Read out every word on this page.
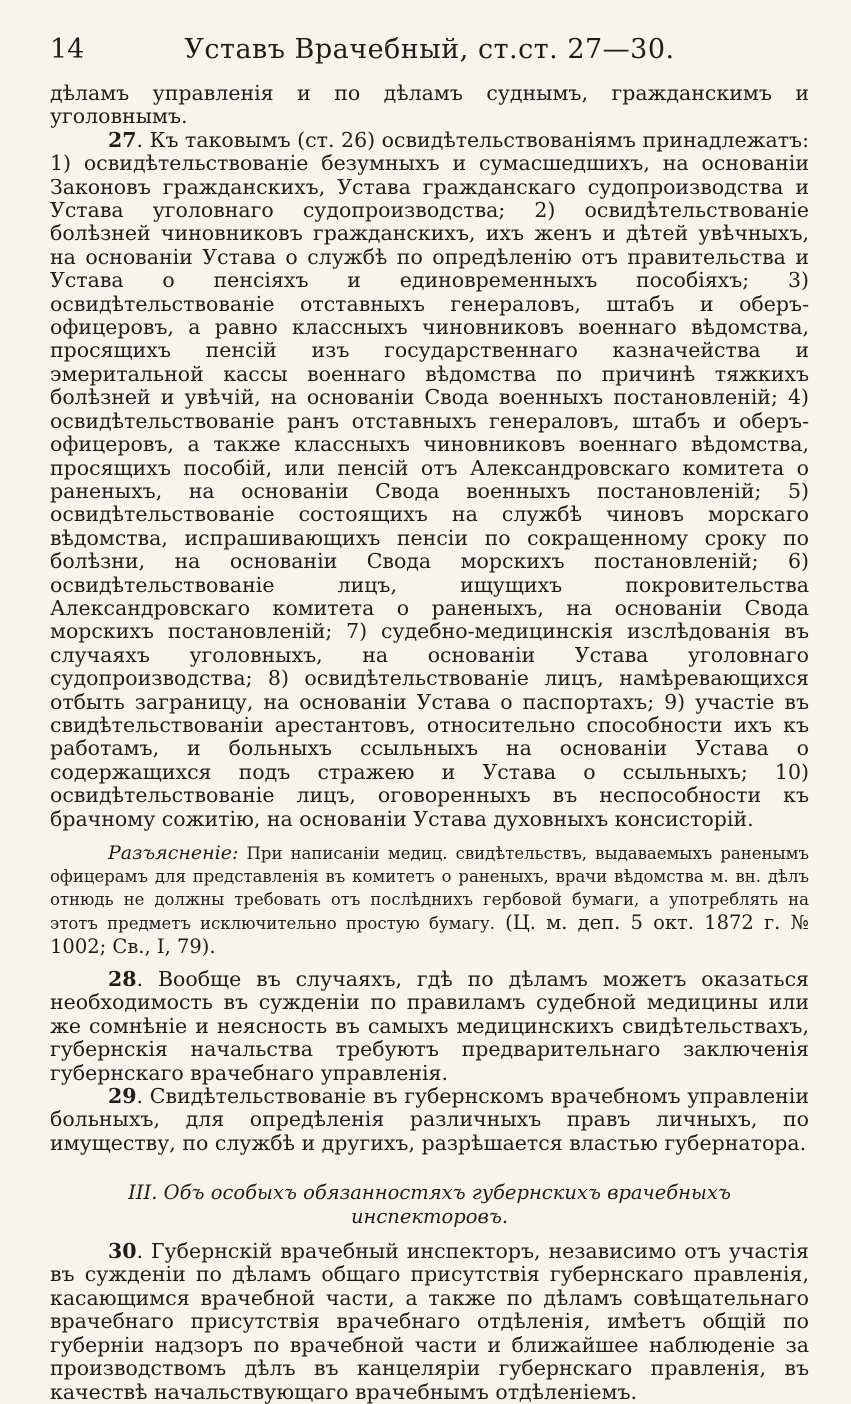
14	Уставъ Врачебный, ст.ст. 27—30.

дѣламъ управленія и по дѣламъ суднымъ, гражданскимъ и уголовнымъ.

27. Къ таковымъ (ст. 26) освидѣтельствованіямъ принадлежатъ: 1) освидѣтельствованіе безумныхъ и сумасшедшихъ, на основаніи Законовъ гражданскихъ, Устава гражданскаго судопроизводства и Устава уголовнаго судопроизводства; 2) освидѣтельствованіе болѣзней чиновниковъ гражданскихъ, ихъ женъ и дѣтей увѣчныхъ, на основаніи Устава о службѣ по опредѣленію отъ правительства и Устава о пенсіяхъ и единовременныхъ пособіяхъ; 3) освидѣтельствованіе отставныхъ генераловъ, штабъ и оберъ-офицеровъ, а равно классныхъ чиновниковъ военнаго вѣдомства, просящихъ пенсій изъ государственнаго казначейства и эмеритальной кассы военнаго вѣдомства по причинѣ тяжкихъ болѣзней и увѣчій, на основаніи Свода военныхъ постановленій; 4) освидѣтельствованіе ранъ отставныхъ генераловъ, штабъ и оберъ-офицеровъ, а также классныхъ чиновниковъ военнаго вѣдомства, просящихъ пособій, или пенсій отъ Александровскаго комитета о раненыхъ, на основаніи Свода военныхъ постановленій; 5) освидѣтельствованіе состоящихъ на службѣ чиновъ морскаго вѣдомства, испрашивающихъ пенсіи по сокращенному сроку по болѣзни, на основаніи Свода морскихъ постановленій; 6) освидѣтельствованіе лицъ, ищущихъ покровительства Александровскаго комитета о раненыхъ, на основаніи Свода морскихъ постановленій; 7) судебно-медицинскія изслѣдованія въ случаяхъ уголовныхъ, на основаніи Устава уголовнаго судопроизводства; 8) освидѣтельствованіе лицъ, намѣревающихся отбыть заграницу, на основаніи Устава о паспортахъ; 9) участіе въ свидѣтельствованіи арестантовъ, относительно способности ихъ къ работамъ, и больныхъ ссыльныхъ на основаніи Устава о содержащихся подъ стражею и Устава о ссыльныхъ; 10) освидѣтельствованіе лицъ, оговоренныхъ въ неспособности къ брачному сожитію, на основаніи Устава духовныхъ консисторій.

Разъясненіе: При написаніи медиц. свидѣтельствъ, выдаваемыхъ раненымъ офицерамъ для представленія въ комитетъ о раненыхъ, врачи вѣдомства м. вн. дѣлъ отнюдь не должны требовать отъ послѣднихъ гербовой бумаги, а употреблять на этотъ предметъ исключительно простую бумагу. (Ц. м. деп. 5 окт. 1872 г. № 1002; Св., I, 79).

28. Вообще въ случаяхъ, гдѣ по дѣламъ можетъ оказаться необходимость въ сужденіи по правиламъ судебной медицины или же сомнѣніе и неясность въ самыхъ медицинскихъ свидѣтельствахъ, губернскія начальства требуютъ предварительнаго заключенія губернскаго врачебнаго управленія.

29. Свидѣтельствованіе въ губернскомъ врачебномъ управленіи больныхъ, для опредѣленія различныхъ правъ личныхъ, по имуществу, по службѣ и другихъ, разрѣшается властью губернатора.

III. Объ особыхъ обязанностяхъ губернскихъ врачебныхъ инспекторовъ.

30. Губернскій врачебный инспекторъ, независимо отъ участія въ сужденіи по дѣламъ общаго присутствія губернскаго правленія, касающимся врачебной части, а также по дѣламъ совѣщательнаго врачебнаго присутствія врачебнаго отдѣленія, имѣетъ общій по губерніи надзоръ по врачебной части и ближайшее наблюденіе за производствомъ дѣлъ въ канцеляріи губернскаго правленія, въ качествѣ начальствующаго врачебнымъ отдѣленіемъ.
